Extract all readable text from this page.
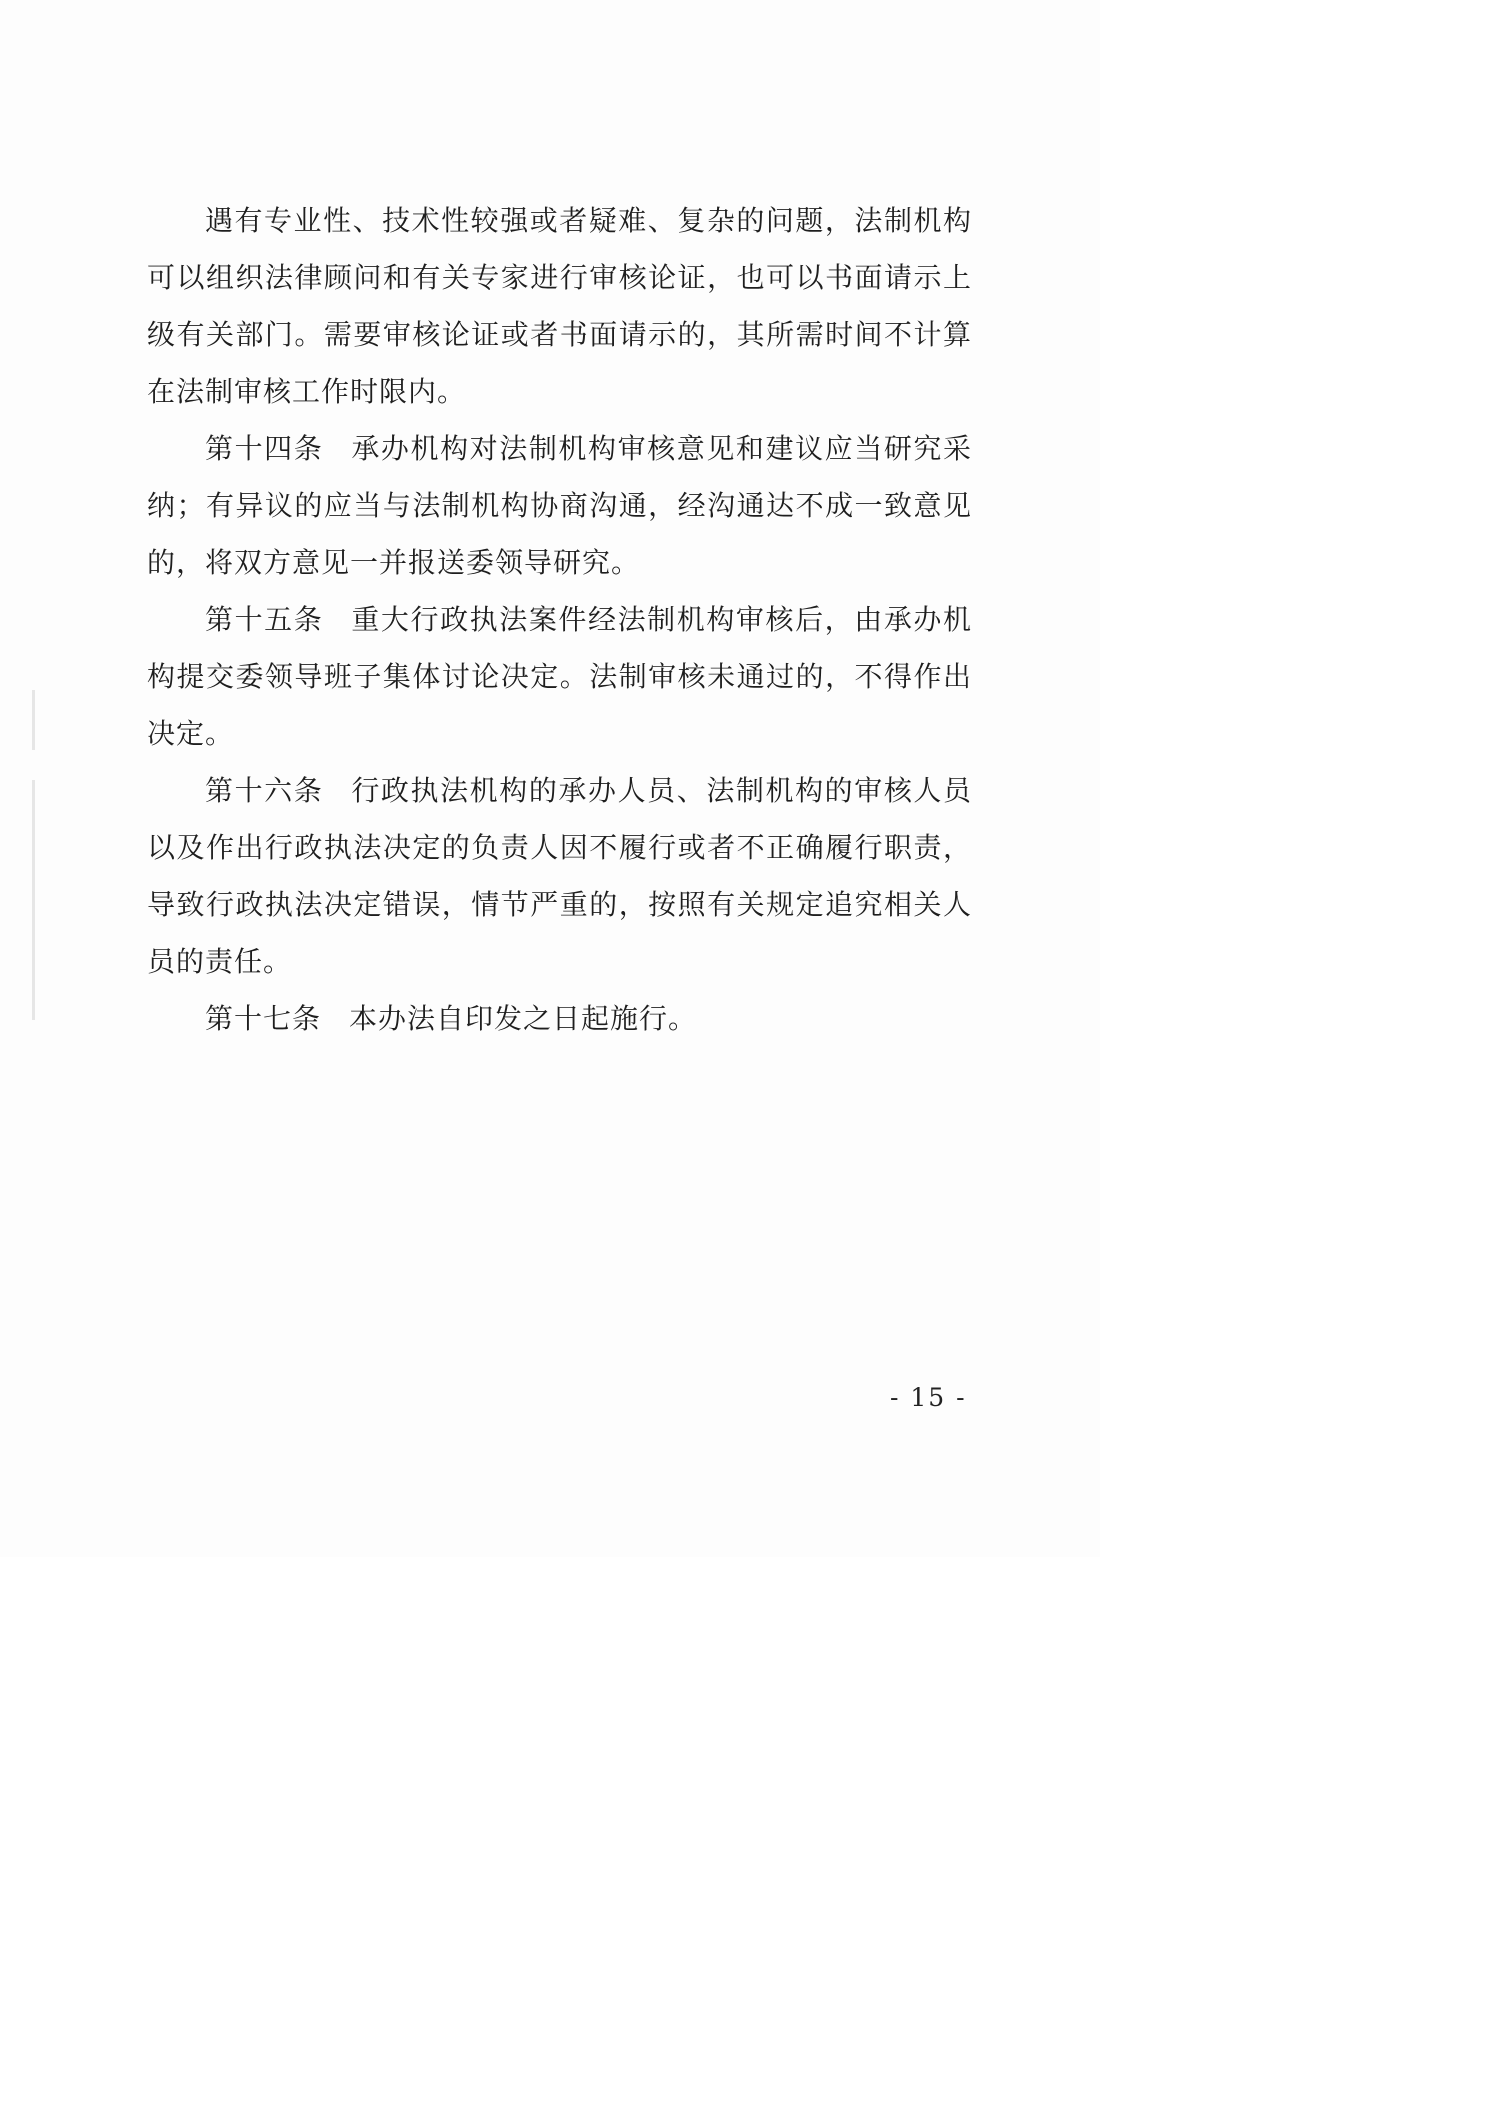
遇有专业性、技术性较强或者疑难、复杂的问题，法制机构可以组织法律顾问和有关专家进行审核论证，也可以书面请示上级有关部门。需要审核论证或者书面请示的，其所需时间不计算在法制审核工作时限内。

第十四条 承办机构对法制机构审核意见和建议应当研究采纳；有异议的应当与法制机构协商沟通，经沟通达不成一致意见的，将双方意见一并报送委领导研究。

第十五条 重大行政执法案件经法制机构审核后，由承办机构提交委领导班子集体讨论决定。法制审核未通过的，不得作出决定。

第十六条 行政执法机构的承办人员、法制机构的审核人员以及作出行政执法决定的负责人因不履行或者不正确履行职责，导致行政执法决定错误，情节严重的，按照有关规定追究相关人员的责任。

第十七条 本办法自印发之日起施行。

- 15 -
